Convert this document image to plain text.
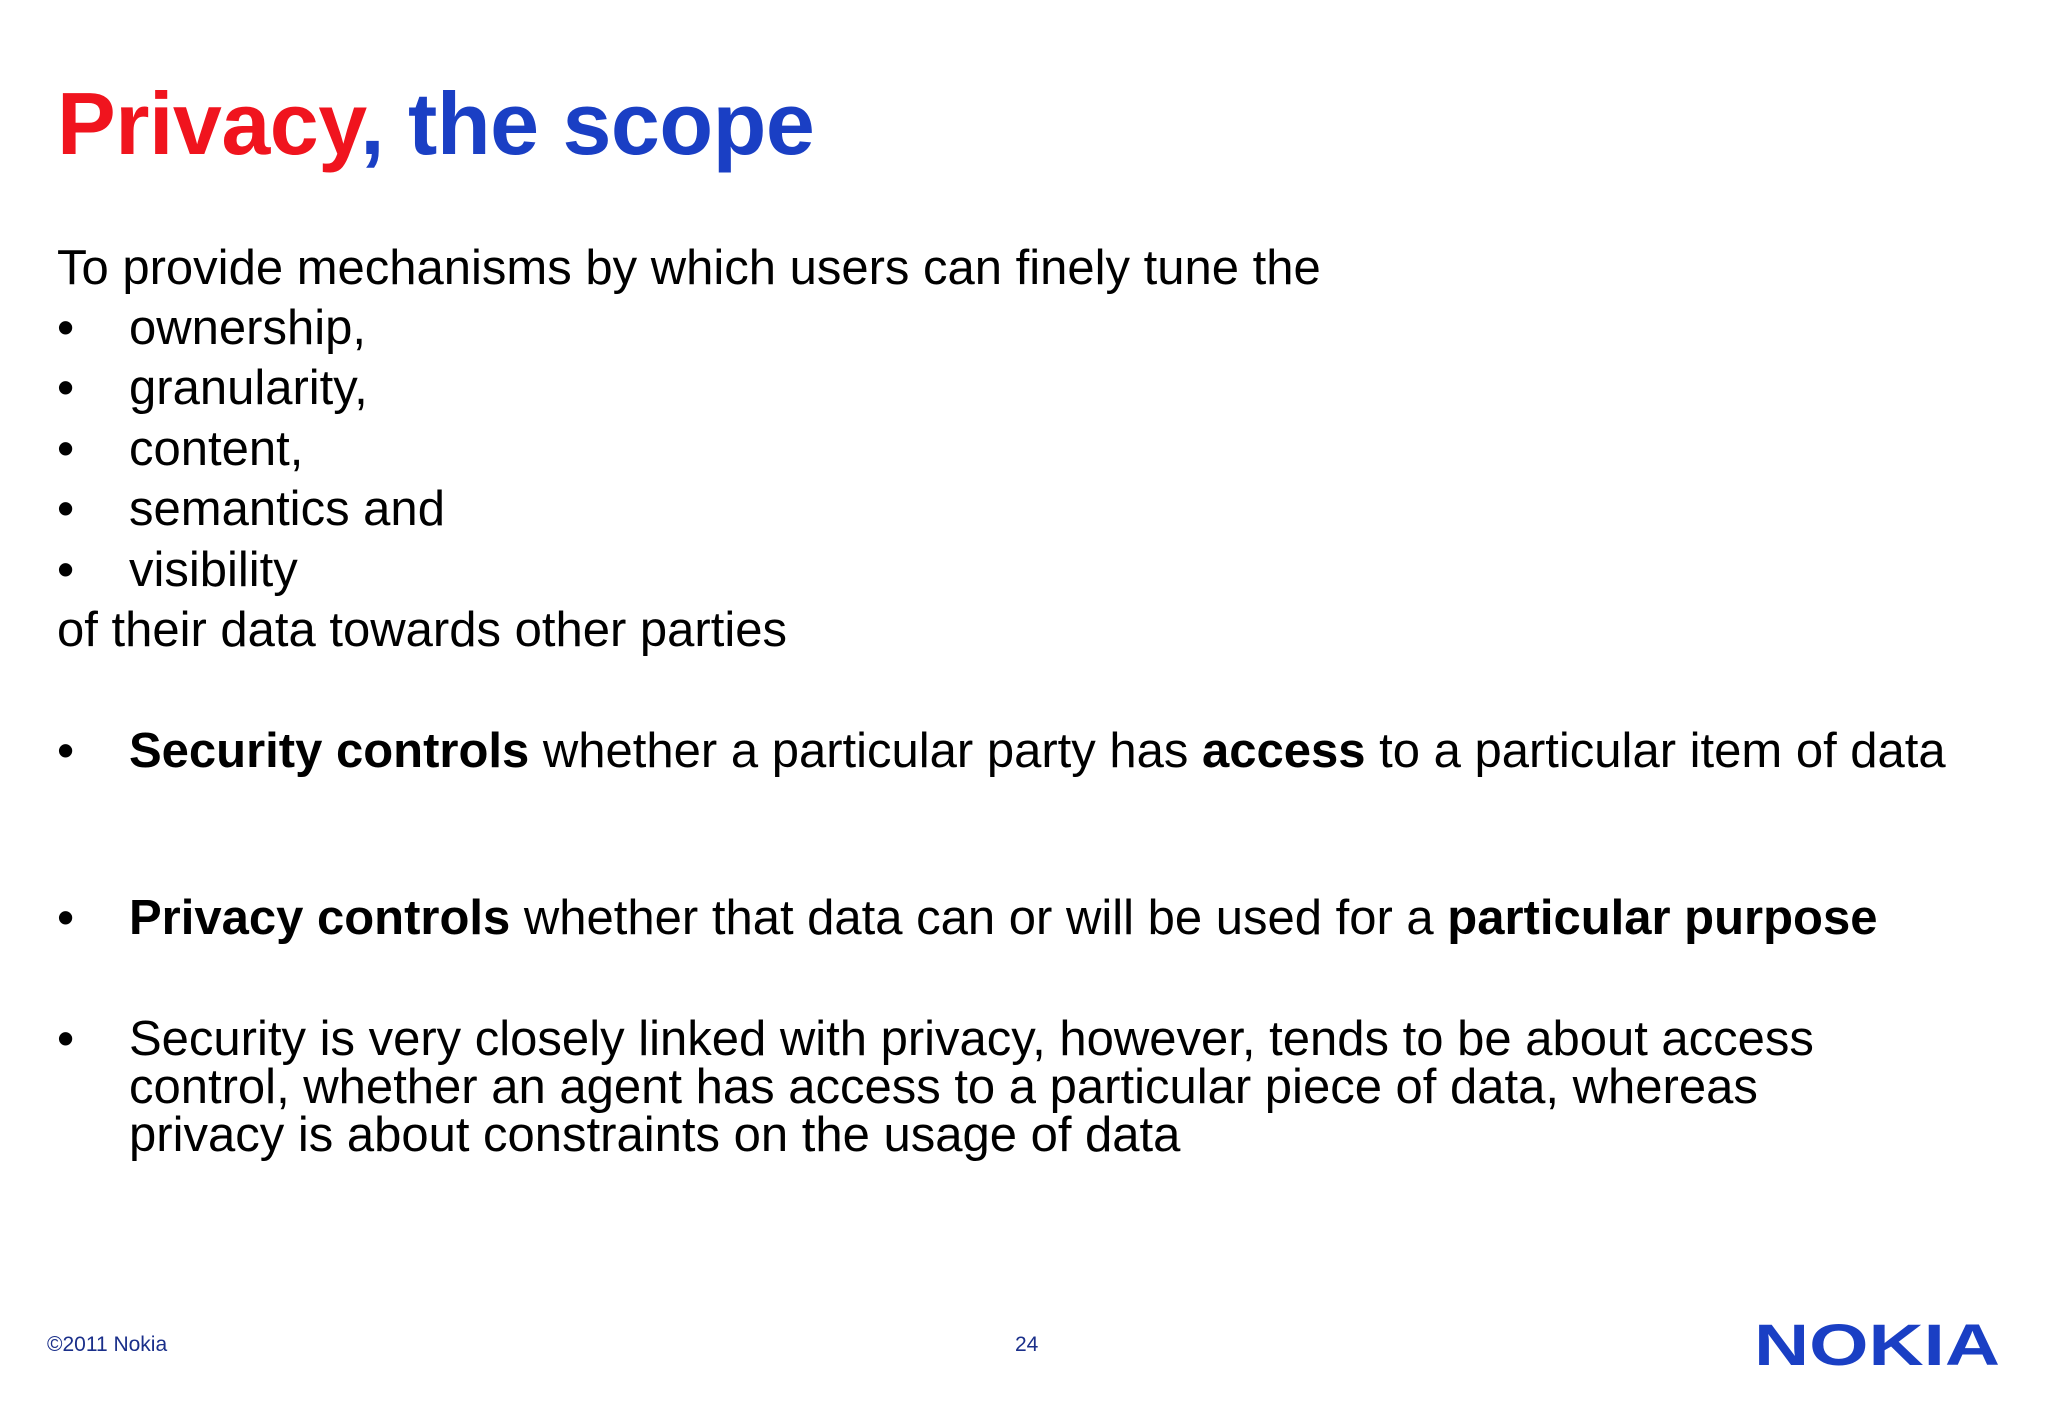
Privacy, the scope
To provide mechanisms by which users can finely tune the
• ownership,
• granularity,
• content,
• semantics and
• visibility
of their data towards other parties
• Security controls whether a particular party has access to a particular item of data
• Privacy controls whether that data can or will be used for a particular purpose
• Security is very closely linked with privacy, however, tends to be about access control, whether an agent has access to a particular piece of data, whereas privacy is about constraints on the usage of data
©2011 Nokia	24	NOKIA
